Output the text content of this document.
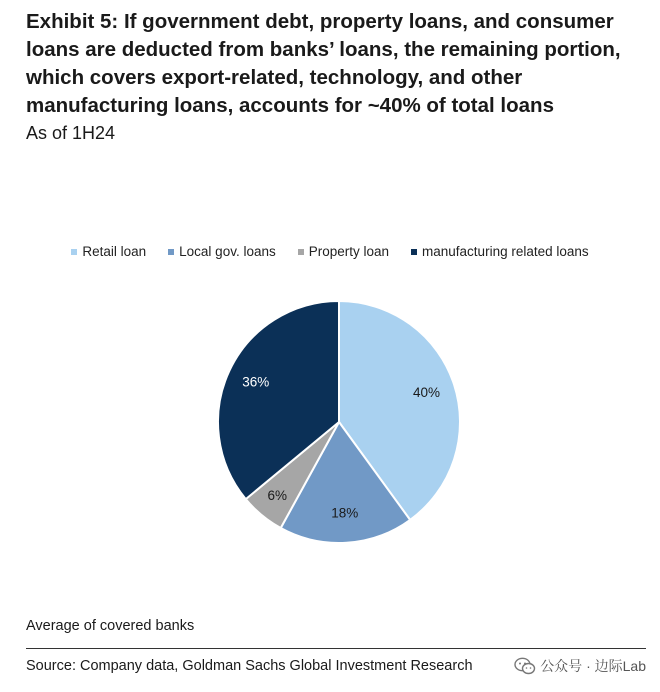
Exhibit 5: If government debt, property loans, and consumer loans are deducted from banks’ loans, the remaining portion, which covers export-related, technology, and other manufacturing loans, accounts for ~40% of total loans
As of 1H24
Retail loan Local gov. loans Property loan manufacturing related loans
40%
18%
6%
36%
Average of covered banks
Source: Company data, Goldman Sachs Global Investment Research	公众号 · 边际Lab
